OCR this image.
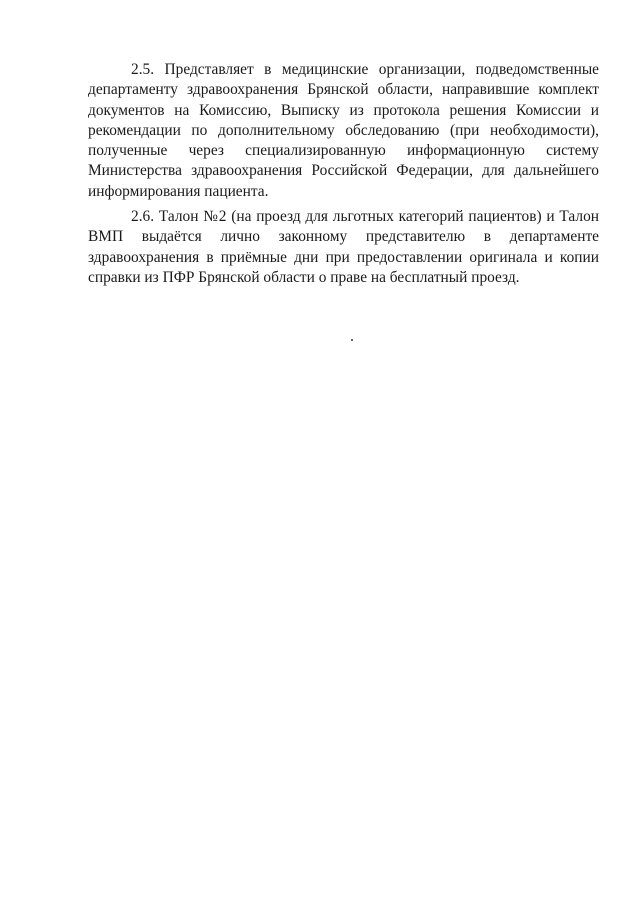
2.5. Представляет в медицинские организации, подведомственные департаменту здравоохранения Брянской области, направившие комплект документов на Комиссию, Выписку из протокола решения Комиссии и рекомендации по дополнительному обследованию (при необходимости), полученные через специализированную информационную систему Министерства здравоохранения Российской Федерации, для дальнейшего информирования пациента.

2.6. Талон №2 (на проезд для льготных категорий пациентов) и Талон ВМП выдаётся лично законному представителю в департаменте здравоохранения в приёмные дни при предоставлении оригинала и копии справки из ПФР Брянской области о праве на бесплатный проезд.
